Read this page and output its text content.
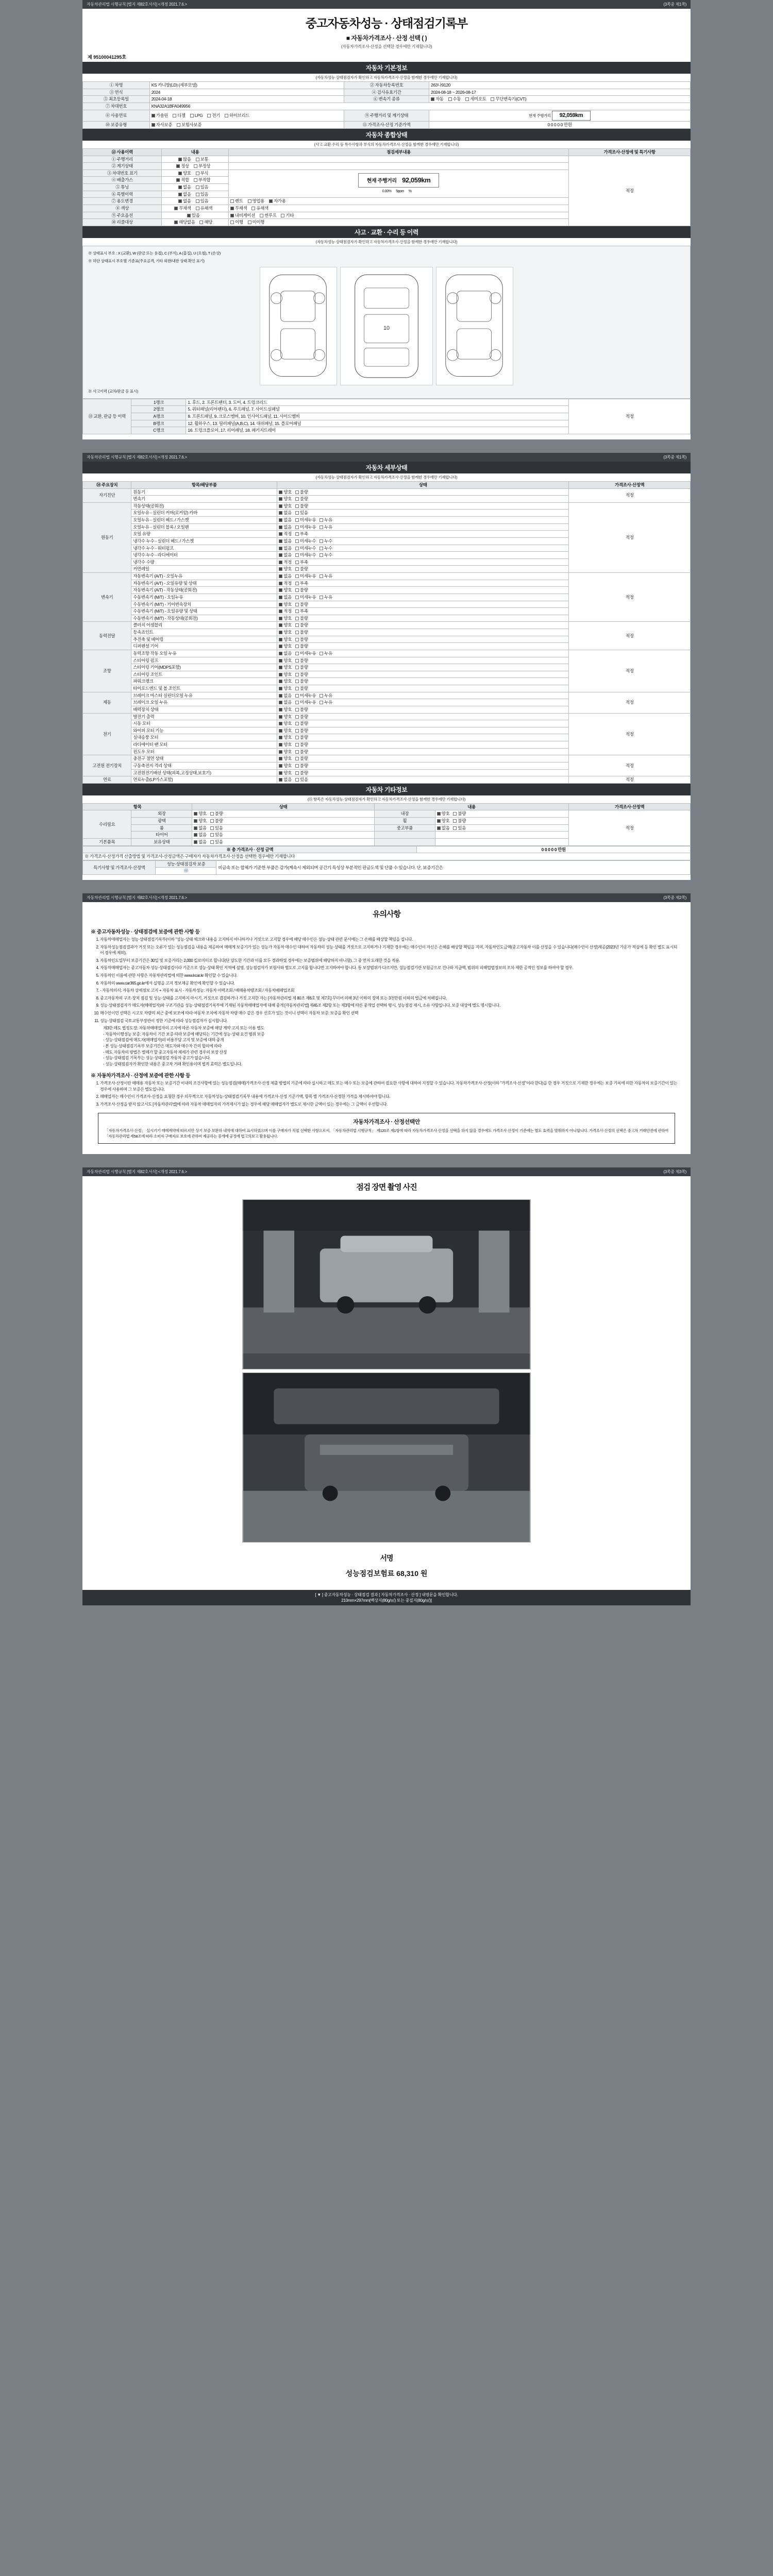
자동차관리법 시행규칙 [별지 제82호서식] <개정 2021.7.6.>	(3쪽중 제1쪽)
중고자동차성능 · 상태점검기록부
■ 자동차가격조사 · 산정 선택 ( )
(자동차가격조사·산정을 선택한 경우에만 기재합니다)
제 95100041295호
자동차 기본정보
(자동차성능·상태점검자가 확인하고 자동차가격조사·산정을 함께한 경우에만 기재합니다)
① 차명	KS 카니발(LD) (세부모델)	② 자동차등록번호	263나9120
③ 연식	2024	④ 검사유효기간	2024-08-18 ~ 2026-08-17
⑤ 최초등록일	2024-04-18	⑥ 변속기 종류	자동 수동 세미오토 무단변속기(CVT)
⑦ 차대번호	KNA32A1BFA049956		
⑧ 사용연료	가솔린 디젤 LPG 전기 하이브리드	⑨ 주행거리 및 계기상태	현재 주행거리 92,059km
⑩ 보증유형	자사보증 보험사보증	⑪ 가격조사·산정 기준가액	0 0 0 0 0 만원
자동차 종합상태
(사고·교환·수리 등 특수사항과 부식의 자동차가격조사·산정을 함께한 경우에만 기재합니다)
⑫ 사용이력	내용	점검세부내용	가격조사·산정에 및 특기사항
① 주행거리	많음 보통		적정
② 계기상태	정상 부정상		
③ 차대번호 표기	양호 부식	현재 주행거리 92,059km
0.00% 5ppm %	

④ 배출가스	적합 부적합		
⑤ 튜닝	없음 있음		
⑥ 특별이력	없음 있음		
⑦ 용도변경	없음 있음	렌트 영업용 자가용	
⑧ 색상	무채색 유채색	무채색 유채색	
⑨ 주요옵션	있음	내비게이션 썬루프 기타	
⑩ 리콜대상	해당없음 해당	이행 미이행	
사고 · 교환 · 수리 등 이력
(자동차성능·상태점검자가 확인하고 자동차가격조사·산정을 함께한 경우에만 기재합니다)
※ 상태표시 부호 : X (교환), W (판금 또는 용접), C (부식), A (흠집), U (요철), T (손상)
※ 하단 상태표시 부호별 기준표(주요골격, 기타 외판/내판 상태 확인 표기)
10
※ 사고이력 (교차/판금 등 표시)
⑬ 교환, 판금 등 이력	1랭크	1. 후드, 2. 프론트팬더, 3. 도어, 4. 트렁크리드	적정
	2랭크	5. 쿼터패널(리어팬더), 6. 루프패널, 7. 사이드실패널	
	A랭크	8. 프론트패널, 9. 크로스멤버, 10. 인사이드패널, 11. 사이드멤버	
	B랭크	12. 휠하우스, 13. 필러패널(A,B,C), 14. 대쉬패널, 15. 플로어패널	
	C랭크	16. 트렁크플로어, 17. 리어패널, 18. 패키지트레이	
자동차관리법 시행규칙 [별지 제82호서식] <개정 2021.7.6.>	(3쪽중 제1쪽)
자동차 세부상태
(자동차성능·상태점검자가 확인하고 자동차가격조사·산정을 함께한 경우에만 기재합니다)
⑭ 주요장치	항목/해당부품	상태	가격조사·산정액
자기진단	원동기	양호 불량	적정
	변속기	양호 불량	
원동기	작동상태(공회전)	양호 불량	적정
	오일누유 - 실린더 커버(로커암) 카바	없음 있음	
	오일누유 - 실린더 헤드 / 가스켓	없음 미세누유 누유	
	오일누유 - 실린더 블록 / 오일팬	없음 미세누유 누유	
	오일 유량	적정 부족	
	냉각수 누수 - 실린더 헤드 / 가스켓	없음 미세누수 누수	
	냉각수 누수 - 워터펌프	없음 미세누수 누수	
	냉각수 누수 - 라디에이터	없음 미세누수 누수	
	냉각수 수량	적정 부족	
	커먼레일	양호 불량	
변속기	자동변속기 (A/T) - 오일누유	없음 미세누유 누유	적정
	자동변속기 (A/T) - 오일유량 및 상태	적정 부족	
	자동변속기 (A/T) - 작동상태(공회전)	양호 불량	
	수동변속기 (M/T) - 오일누유	없음 미세누유 누유	
	수동변속기 (M/T) - 기어변속장치	양호 불량	
	수동변속기 (M/T) - 오일유량 및 상태	적정 부족	
	수동변속기 (M/T) - 작동상태(공회전)	양호 불량	
동력전달	클러치 어셈블리	양호 불량	적정
	등속죠인트	양호 불량	
	추진축 및 베어링	양호 불량	
	디퍼렌셜 기어	양호 불량	
조향	동력조향 작동 오일 누유	없음 미세누유 누유	적정
	스티어링 펌프	양호 불량	
	스티어링 기어(MDPS포함)	양호 불량	
	스티어링 조인트	양호 불량	
	파워크랭크	양호 불량	
	타이로드엔드 및 볼 조인트	양호 불량	
제동	브레이크 마스터 실린더오일 누유	없음 미세누유 누유	적정
	브레이크 오일 누유	없음 미세누유 누유	
	배력장치 상태	양호 불량	
전기	발전기 출력	양호 불량	적정
	시동 모터	양호 불량	
	와이퍼 모터 기능	양호 불량	
	실내송풍 모터	양호 불량	
	라디에이터 팬 모터	양호 불량	
	윈도우 모터	양호 불량	
고전원 전기장치	충전구 절연 상태	양호 불량	적정
	구동축전지 격리 상태	양호 불량	
	고전원전기배선 상태(피복,고정상태,보호기)	양호 불량	
연료	연료누출(LP가스포함)	없음 있음	적정
자동차 기타정보
(⑮ 항목은 자동차성능·상태점검자가 확인하고 자동차가격조사·산정을 함께한 경우에만 기재합니다)
항목		상태	내용		가격조사·산정액
수리필요	외장	양호 불량	내장	양호 불량	적정
	광택	양호 불량	휠	양호 불량	
	룸	없음 있음	중고부품	없음 있음	
	타이어	없음 있음			
기본품목	보유상태	없음 있음			
※ 총 가격조사 · 산정 금액	0 0 0 0 0 만원
※ 가격조사·산정가격 산출방법 및 가격조사·산정금액은 구매자가 자동차가격조사·산정을 선택한 경우에만 기재합니다
특기사항 및 가격조사·산정액	성능·상태점검자 보증	비금속 또는 합체가 기준한 부품은 감가(계속시 제외되며 공간기 특성상 부분적인 판금도색 및 단품 수 있습니다. 단, 보증기간은
㊞
자동차관리법 시행규칙 [별지 제82호서식] <개정 2021.7.6.>	(3쪽중 제2쪽)
유의사항
※ 중고자동차성능 · 상태점검에 보증에 관한 사항 등
1. 자동차애매업자는 성능·상태점검기록부(이하 "성능·상태 체크와 내용을 고지하지 아니하거나 거짓으로 고지할 경우에 해당 매수인은 성능·상태 관련 문서에는 그 손해를 배상할 책임을 집니다.
2. 자동차성능점검결과가 거짓 또는 오류가 있는 성능점검을 내용을 제공하여 매매계 보증기가 있는 성능가 자동차 매수인 대하여 자동차의 성능·상태를 거짓으로 고지하거나 기재한 경우에는 매수인이 자신은 손해를 배상할 책임을 지며, 자동차인도금액(중고자동차 이를 산정을 수 있습니다(매수인이 산정)제공(2023년 가운가 적심에 등 확인 별도 표시되어 경우에 제외).
3. 자동차인도일부터 보증기간은 30일 및 보증거리는 2,000 킬로미터로 합니다(단 양도한 기간과 이를 모두 경과하였 경우에는 보증범위에 해당하지 아니함), 그 중 먼저 도래한 것을 적용.
4. 자동차매매업자는 중고자동차 성능·상태점검이라 기준으로 성능·상태 확인 지역에 설명, 성능점검자가 보험사와 별도로 고지를 합니다면 고지하여야 합니다. 통 보장범위가 다르지만, 성능점검기관 보험금으로 건나와 지급액, 범위의 피해업법정보의 조치·제한 공적인 정보를 하여야 할 경우.
5. 자동차인 이름에 관한 사항은 자동차관리법에 의한 www.kcar.kr 확인할 수 있습니다.
6. 자동차의 www.car365.go.kr에서 실명을 고지 정보제공 확인에 확인할 수 있습니다.
7. - 자동차의식: 자동차 상세정보 고지 + 자동차 표시 - 자동차성능: 자동차 이력조회 / 배매용차량조회 / 자동차배매업조회
8. 중고자동차의 구조·장치 점검 및 성능·상태를 고지하지 마시기, 거짓으로 검검하거나 거짓 고지한 자는 [자동차관리법 제 80조 제6호 및 제7호] 꾸미어 의해 3년 이하의 징역 또는 3천만원 이하의 벌금에 처해집니다.
9. 성능·상태점검자가 매도자(매매업자)와 구조기관을 성능·상태점검기록부에 기재된 자동차매매업자에 대해 중개 [자동차관리법] 제45조 제2항 또는 제3항에 따른 중개업 선택하 명시, 성능점검 제시, 소유 사항입니다. 보증 대상에 별도 명시합니다.
10. 매수인이민 선택은 시고로 차량의 최근 중에 보조에 따라 여동차 조치에 자동차 차량 매수 같은 경우 선호가 있는 것이니 선택이 자동차 보증: 보증을 확인 선택
11. 성능·상태점검 국토교통부장관이 정한 기준에 따라 성능점검자가 실시합니다.
제3한 매도 법정도장: 자동차매매업자의 고지에 따른 자동차 보증에 해당 계약 고지 또는 이용 별도
- 자동차이행성능 보증: 자동차이 기간 보증 따라 보증에 해당되는 기간에 성능·상태 요건 범위 보증
- 성능·상태점검에 매도자(매매업자)의 비용부담 고지 및 보증에 대하 중개
- 본 성능·상태점검기록부 보증기간은 매도자와 매수자 간의 합의에 따라
- 매도 자동차의 방법은 별매가 할 중고자동차 제세가 관련 경우의 보장 산정
- 성능·상태점검 기록부는 성능·상태점검 자동차 중고가 없습니다.
- 성능·상태점검자가 확인한 내용은 중고차 거래 확인용이며 법적 효력은 별도입니다.
※ 자동차가격조사 · 산정에 보증에 관한 사항 등
1. 가격조사·산정이란 매매용 자동차 또는 보증기간 이내의 조건사항에 있는 성능점검(매매)가격조사·산정 제출 방법의 기준에 따라 실시하고 매도 또는 매수 또는 보증에 관하여 필요한 사항에 대하여 지정할 수 있습니다. 자동차가격조사·산정(이하 "가격조사·산정"이라 한다)을 한 경우 거짓으로 기재한 경우에는 보증 기록에 의한 자동차의 보증기간이 있는 경우에 사용하며 그 보증은 별도입니다.
2. 매매업자는 매수인이 가격조사·산정을 요청한 경우 의무적으로 자동차성능·상태점검기록부 내용에 가격조사·산정 기준가액, 항목 별 가격조사·산정한 가격을 제시하여야 합니다.
3. 가격조사·산정을 받지 않고서도 [자동차관리법]에 따라 자동차 매매업자의 가격제시가 없는 경우에 해당 매매업자가 별도로 제시한 금액이 있는 경우에는 그 금액이 우선합니다.
자동차가격조사 · 산정선택안
「자동차가격조사·산정」 실시기기 매매계약에 따르지만 상기 보증 보완하 내역에 대하여 표시하였으며 이를 구매자가 직접 선택한 사항으로서, 「자동차관리법 시행규칙」 제120조 제1항에 따라 자동차가격조사·산정을 선택을 하지 않을 경우에도 가격조사·산정이 기준에는 별도 효력을 발휘하지 아니합니다. 가격조사·산정의 선택은 중고차 거래안전에 관하여 「자동차관리법 제58조에 따라 소비자 구매자로 보호에 관하여 제공하는 중개에 공정에 법고의보고 활용됩니다.
자동차관리법 시행규칙 [별지 제82호서식] <개정 2021.7.6.>	(3쪽중 제3쪽)
점검 장면 촬영 사진
서명
성능점검보험료 68,310 원
[ ▼ ] 중고자동차성능 · 상태점검 결과 [ 자동차가격조사 · 산정 ] 내영문을 확인합니다.
210mm×297mm[백상지(80g/㎡) 또는 중질지(80g/㎡)]
